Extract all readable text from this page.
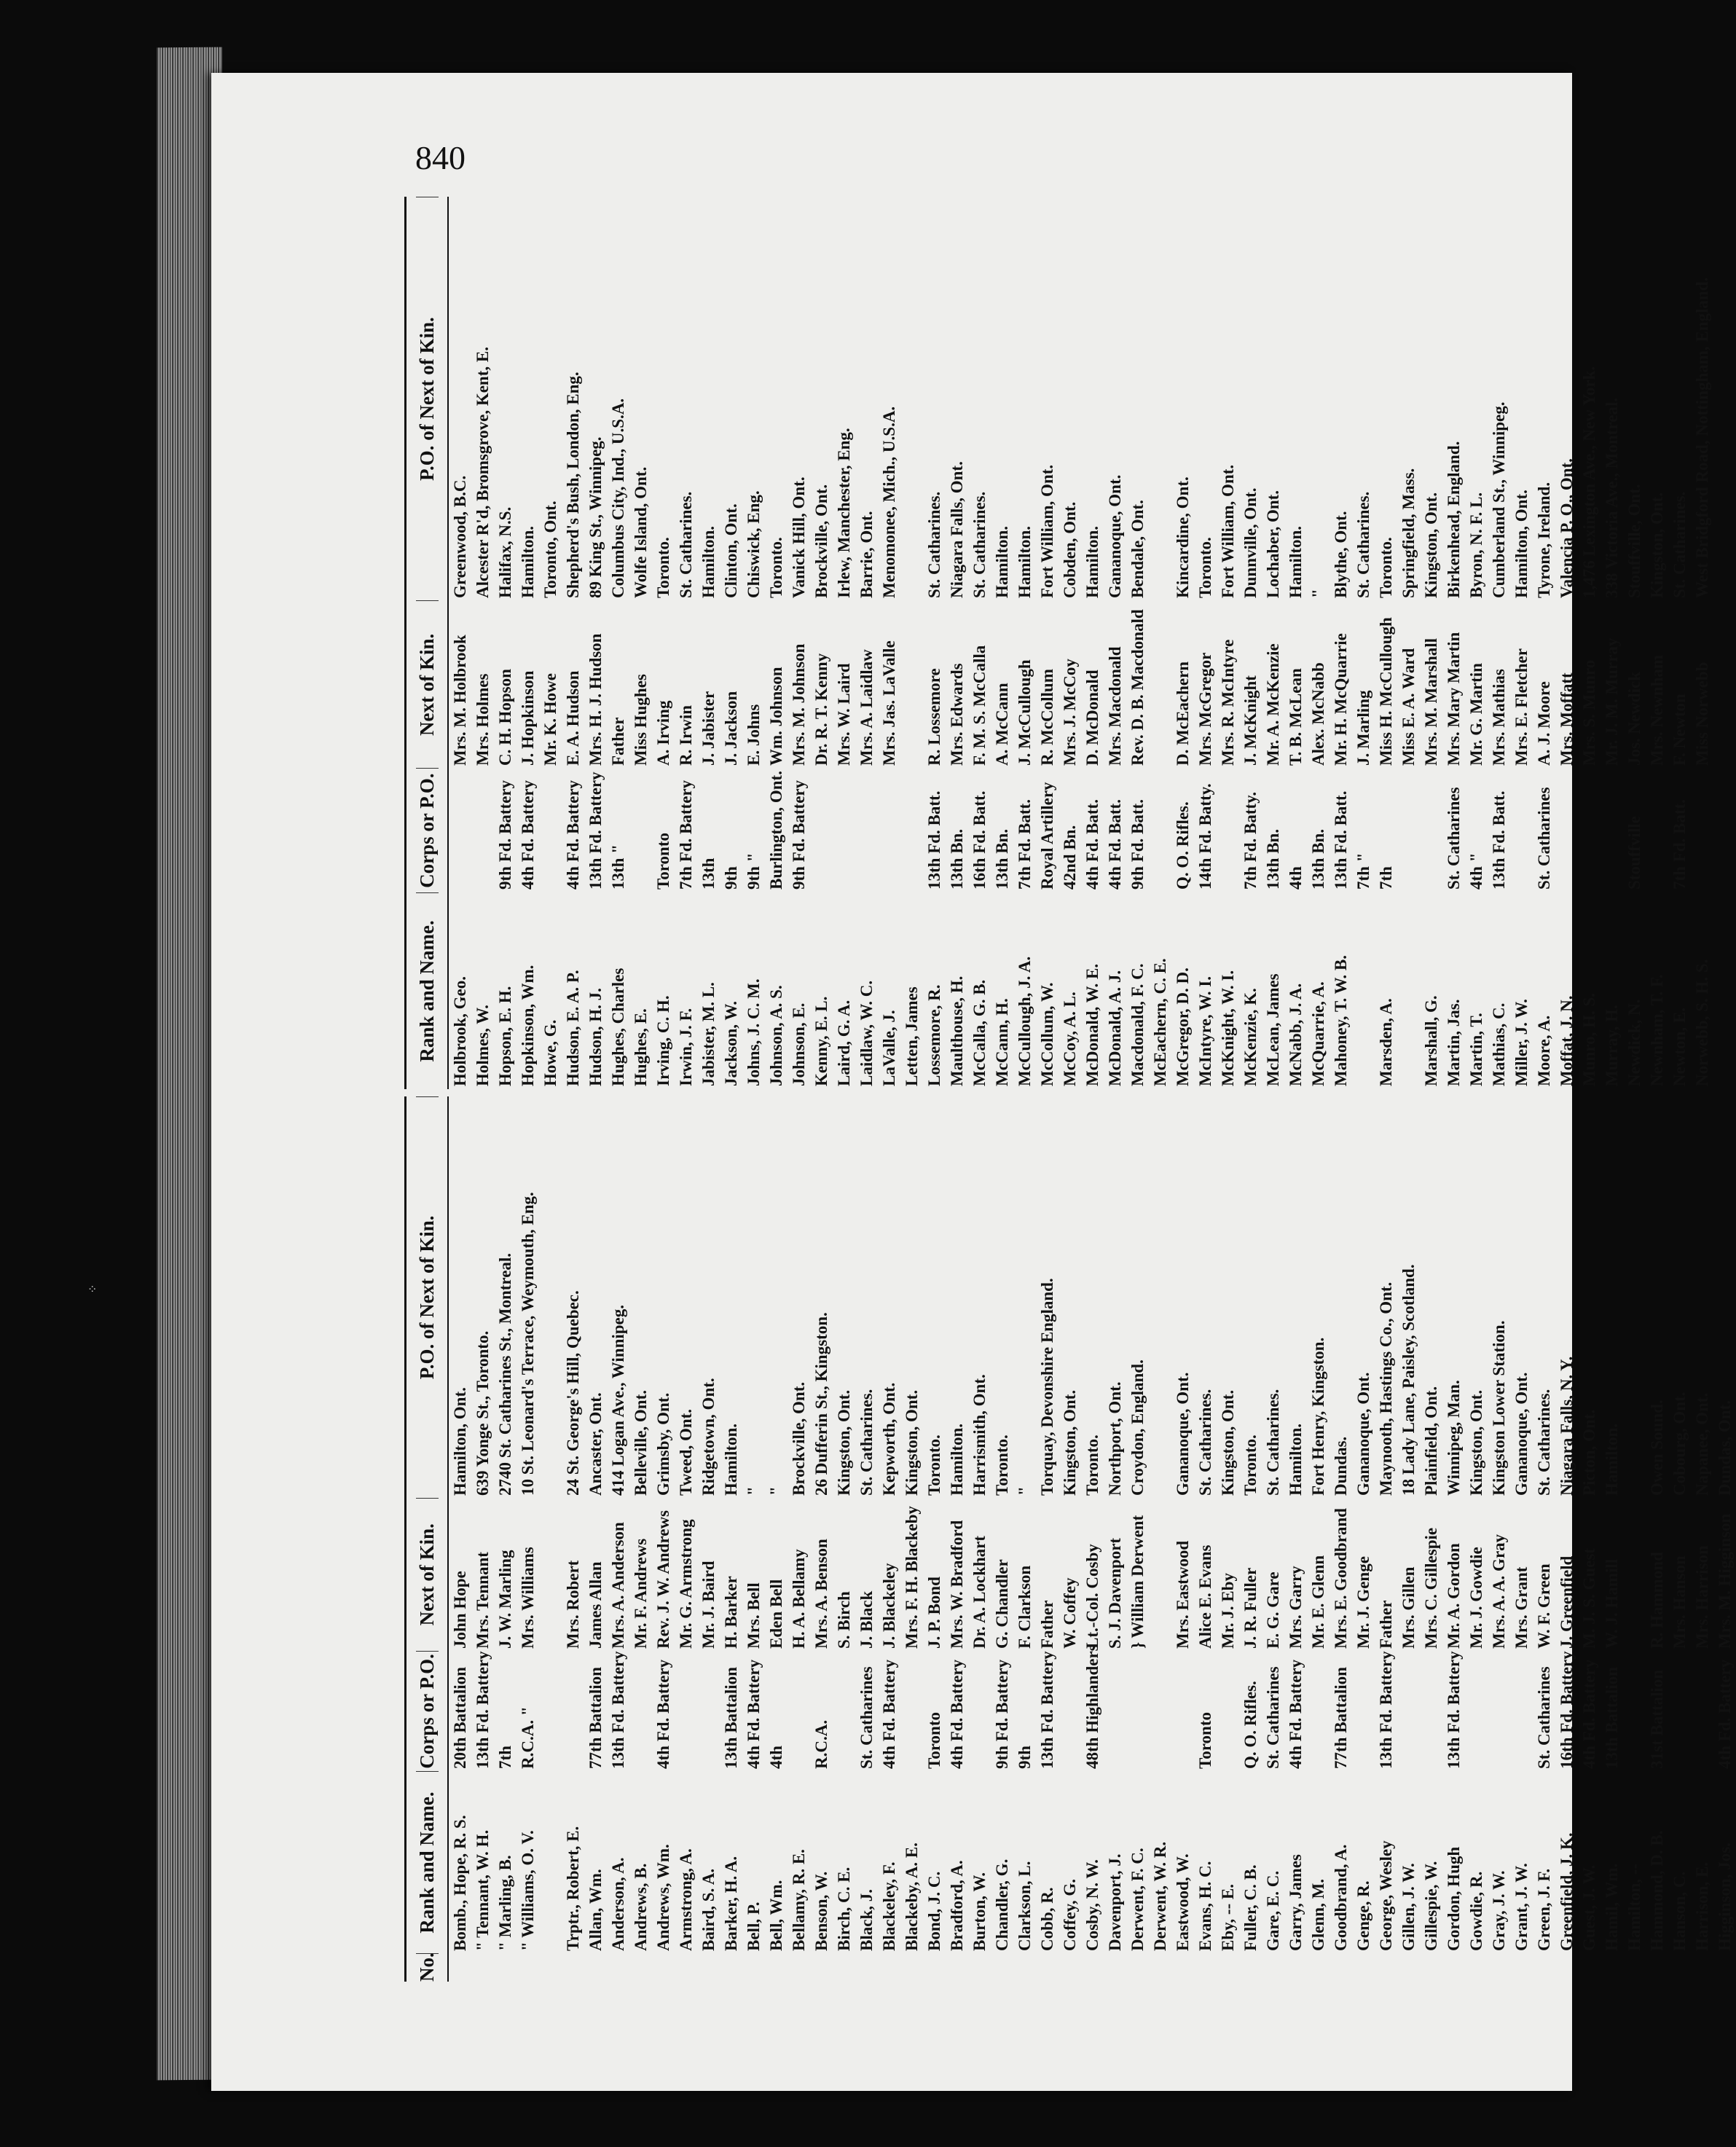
⁘
840
No.
Rank and Name.
Corps or P.O.
Next of Kin.
P.O. of Next of Kin.
Bomb., Hope, R. S.
20th Battalion
John Hope
Hamilton, Ont.
" Tennant, W. H.
13th Fd. Battery
Mrs. Tennant
639 Yonge St., Toronto.
" Marling, B.
7th
J. W. Marling
2740 St. Catharines St., Montreal.
" Williams, O. V.
R.C.A. "
Mrs. Williams
10 St. Leonard's Terrace, Weymouth, Eng.
Trptr., Robert, E.
Mrs. Robert
24 St. George's Hill, Quebec.
Allan, Wm.
77th Battalion
James Allan
Ancaster, Ont.
Anderson, A.
13th Fd. Battery
Mrs. A. Anderson
414 Logan Ave., Winnipeg.
Andrews, B.
Mr. F. Andrews
Belleville, Ont.
Andrews, Wm.
4th Fd. Battery
Rev. J. W. Andrews
Grimsby, Ont.
Armstrong, A.
Mr. G. Armstrong
Tweed, Ont.
Baird, S. A.
Mr. J. Baird
Ridgetown, Ont.
Barker, H. A.
13th Battalion
H. Barker
Hamilton.
Bell, P.
4th Fd. Battery
Mrs. Bell
"
Bell, Wm.
4th
Eden Bell
"
Bellamy, R. E.
H. A. Bellamy
Brockville, Ont.
Benson, W.
R.C.A.
Mrs. A. Benson
26 Dufferin St., Kingston.
Birch, C. E.
S. Birch
Kingston, Ont.
Black, J.
St. Catharines
J. Black
St. Catharines.
Blackeley, F.
4th Fd. Battery
J. Blackeley
Kepworth, Ont.
Blackeby, A. E.
Mrs. F. H. Blackeby
Kingston, Ont.
Bond, J. C.
Toronto
J. P. Bond
Toronto.
Bradford, A.
4th Fd. Battery
Mrs. W. Bradford
Hamilton.
Burton, W.
Dr. A. Lockhart
Harrismith, Ont.
Chandler, G.
9th Fd. Battery
G. Chandler
Toronto.
Clarkson, L.
9th
F. Clarkson
"
Cobb, R.
13th Fd. Battery
Father
Torquay, Devonshire England.
Coffey, G.
W. Coffey
Kingston, Ont.
Cosby, N. W.
48th Highlanders
Lt.-Col. Cosby
Toronto.
Davenport, J.
S. J. Davenport
Northport, Ont.
Derwent, F. C.
} William Derwent
Croydon, England.
Derwent, W. R. Eastwood, W.
Mrs. Eastwood
Gananoque, Ont.
Evans, H. C.
Toronto
Alice E. Evans
St. Catharines.
Eby, -- E.
Mr. J. Eby
Kingston, Ont.
Fuller, C. B.
Q. O. Rifles.
J. R. Fuller
Toronto.
Gare, E. C.
St. Catharines
E. G. Gare
St. Catharines.
Garry, James
4th Fd. Battery
Mrs. Garry
Hamilton.
Glenn, M.
Mr. E. Glenn
Fort Henry, Kingston.
Goodbrand, A.
77th Battalion
Mrs. E. Goodbrand
Dundas.
Genge, R.
Mr. J. Genge
Gananoque, Ont.
George, Wesley
13th Fd. Battery
Father
Maynooth, Hastings Co., Ont.
Gillen, J. W.
Mrs. Gillen
18 Lady Lane, Paisley, Scotland.
Gillespie, W.
Mrs. C. Gillespie
Plainfield, Ont.
Gordon, Hugh
13th Fd. Battery
Mr. A. Gordon
Winnipeg, Man.
Gowdie, R.
Mr. J. Gowdie
Kingston, Ont.
Gray, J. W.
Mrs. A. A. Gray
Kingston Lower Station.
Grant, J. W.
Mrs. Grant
Gananoque, Ont.
Green, J. F.
St. Catharines
W. F. Green
St. Catharines.
Greenfield, J. K.
16th Fd. Battery
J. Greenfield
Niagara Falls, N. Y.
Guest, J. W.
4th Fd. Battery
M. J. S. Guest
Picton, Ont.
Hamil, Wm.
13th Battalion
W. J. Hamill
Hamilton.
Hamilton, -- Hammond, D. B.
31st Battalion
R. Hammond
Owen Sound.
Hanson, C.
Mrs. Hanson
Cobourg, Ont.
Harrison, E.
Mrs. Harrison
Napanee, Ont.
Higginson, Jos.
4th Fd. Battery
Mrs. M. Higginson
Dundas, Ont.
Rank and Name.
Corps or P.O.
Next of Kin.
P.O. of Next of Kin.
Holbrook, Geo.
Mrs. M. Holbrook
Greenwood, B.C.
Holmes, W.
Mrs. Holmes
Alcester R'd, Bromsgrove, Kent, E.
Hopson, E. H.
9th Fd. Battery
C. H. Hopson
Halifax, N.S.
Hopkinson, Wm.
4th Fd. Battery
J. Hopkinson
Hamilton.
Howe, G.
Mr. K. Howe
Toronto, Ont.
Hudson, E. A. P.
4th Fd. Battery
E. A. Hudson
Shepherd's Bush, London, Eng.
Hudson, H. J.
13th Fd. Battery
Mrs. H. J. Hudson
89 King St., Winnipeg.
Hughes, Charles
13th "
Father
Columbus City, Ind., U.S.A.
Hughes, E.
Miss Hughes
Wolfe Island, Ont.
Irving, C. H.
Toronto
A. Irving
Toronto.
Irwin, J. F.
7th Fd. Battery
R. Irwin
St. Catharines.
Jabister, M. L.
13th
J. Jabister
Hamilton.
Jackson, W.
9th
J. Jackson
Clinton, Ont.
Johns, J. C. M.
9th "
E. Johns
Chiswick, Eng.
Johnson, A. S.
Burlington, Ont.
Wm. Johnson
Toronto.
Johnson, E.
9th Fd. Battery
Mrs. M. Johnson
Vanick Hill, Ont.
Kenny, E. L.
Dr. R. T. Kenny
Brockville, Ont.
Laird, G. A.
Mrs. W. Laird
Irlew, Manchester, Eng.
Laidlaw, W. C.
Mrs. A. Laidlaw
Barrie, Ont.
LaValle, J.
Mrs. Jas. LaValle
Menomonee, Mich., U.S.A.
Letten, James Lossemore, R.
13th Fd. Batt.
R. Lossemore
St. Catharines.
Maulthouse, H.
13th Bn.
Mrs. Edwards
Niagara Falls, Ont.
McCalla, G. B.
16th Fd. Batt.
F. M. S. McCalla
St. Catharines.
McCann, H.
13th Bn.
A. McCann
Hamilton.
McCullough, J. A.
7th Fd. Batt.
J. McCullough
Hamilton.
McCollum, W.
Royal Artillery
R. McCollum
Fort William, Ont.
McCoy, A. L.
42nd Bn.
Mrs. J. McCoy
Cobden, Ont.
McDonald, W. E.
4th Fd. Batt.
D. McDonald
Hamilton.
McDonald, A. J.
4th Fd. Batt.
Mrs. Macdonald
Gananoque, Ont.
Macdonald, F. C.
9th Fd. Batt.
Rev. D. B. Macdonald
Bendale, Ont.
McEachern, C. E. McGregor, D. D.
Q. O. Rifles.
D. McEachern
Kincardine, Ont.
McIntyre, W. I.
14th Fd. Batty.
Mrs. McGregor
Toronto.
McKnight, W. I.
Mrs. R. McIntyre
Fort William, Ont.
McKenzie, K.
7th Fd. Batty.
J. McKnight
Dunnville, Ont.
McLean, James
13th Bn.
Mr. A. McKenzie
Lochaber, Ont.
McNabb, J. A.
4th
T. B. McLean
Hamilton.
McQuarrie, A.
13th Bn.
Alex. McNabb
"
Mahoney, T. W. B.
13th Fd. Batt.
Mr. H. McQuarrie
Blythe, Ont.
7th "
J. Marling
St. Catharines.
Marsden, A.
7th
Miss H. McCullough
Toronto.
Miss E. A. Ward
Springfield, Mass.
Marshall, G.
Mrs. M. Marshall
Kingston, Ont.
Martin, Jas.
St. Catharines
Mrs. Mary Martin
Birkenhead, England.
Martin, T.
4th "
Mr. G. Martin
Byron, N. F. L.
Mathias, C.
13th Fd. Batt.
Mrs. Mathias
Cumberland St., Winnipeg.
Miller, J. W.
Mrs. E. Fletcher
Hamilton, Ont.
Moore, A.
St. Catharines
A. J. Moore
Tyrone, Ireland.
Moffat, J. N.
Mrs. Moffatt
Valencia P. O., Ont.
Munro, H. S.
Mrs. S. Munro
1,476 Lexington Ave., New York.
Murray, H.
Mr. J. M. Murray
338 Victoria Ave., Montreal.
Newdick, N.
Stouffville
Jos. Newdick
Stouffville, Ont.
Newnham, T. F.
Mrs. Newnham
Kingston, Ont.
Newton, E.
7th Fd. Batt.
F. Newton
St. Catharines.
Norwebb, S. H. S.
Miss Norwebb
West Bridgford Road, Nottingham, England.
